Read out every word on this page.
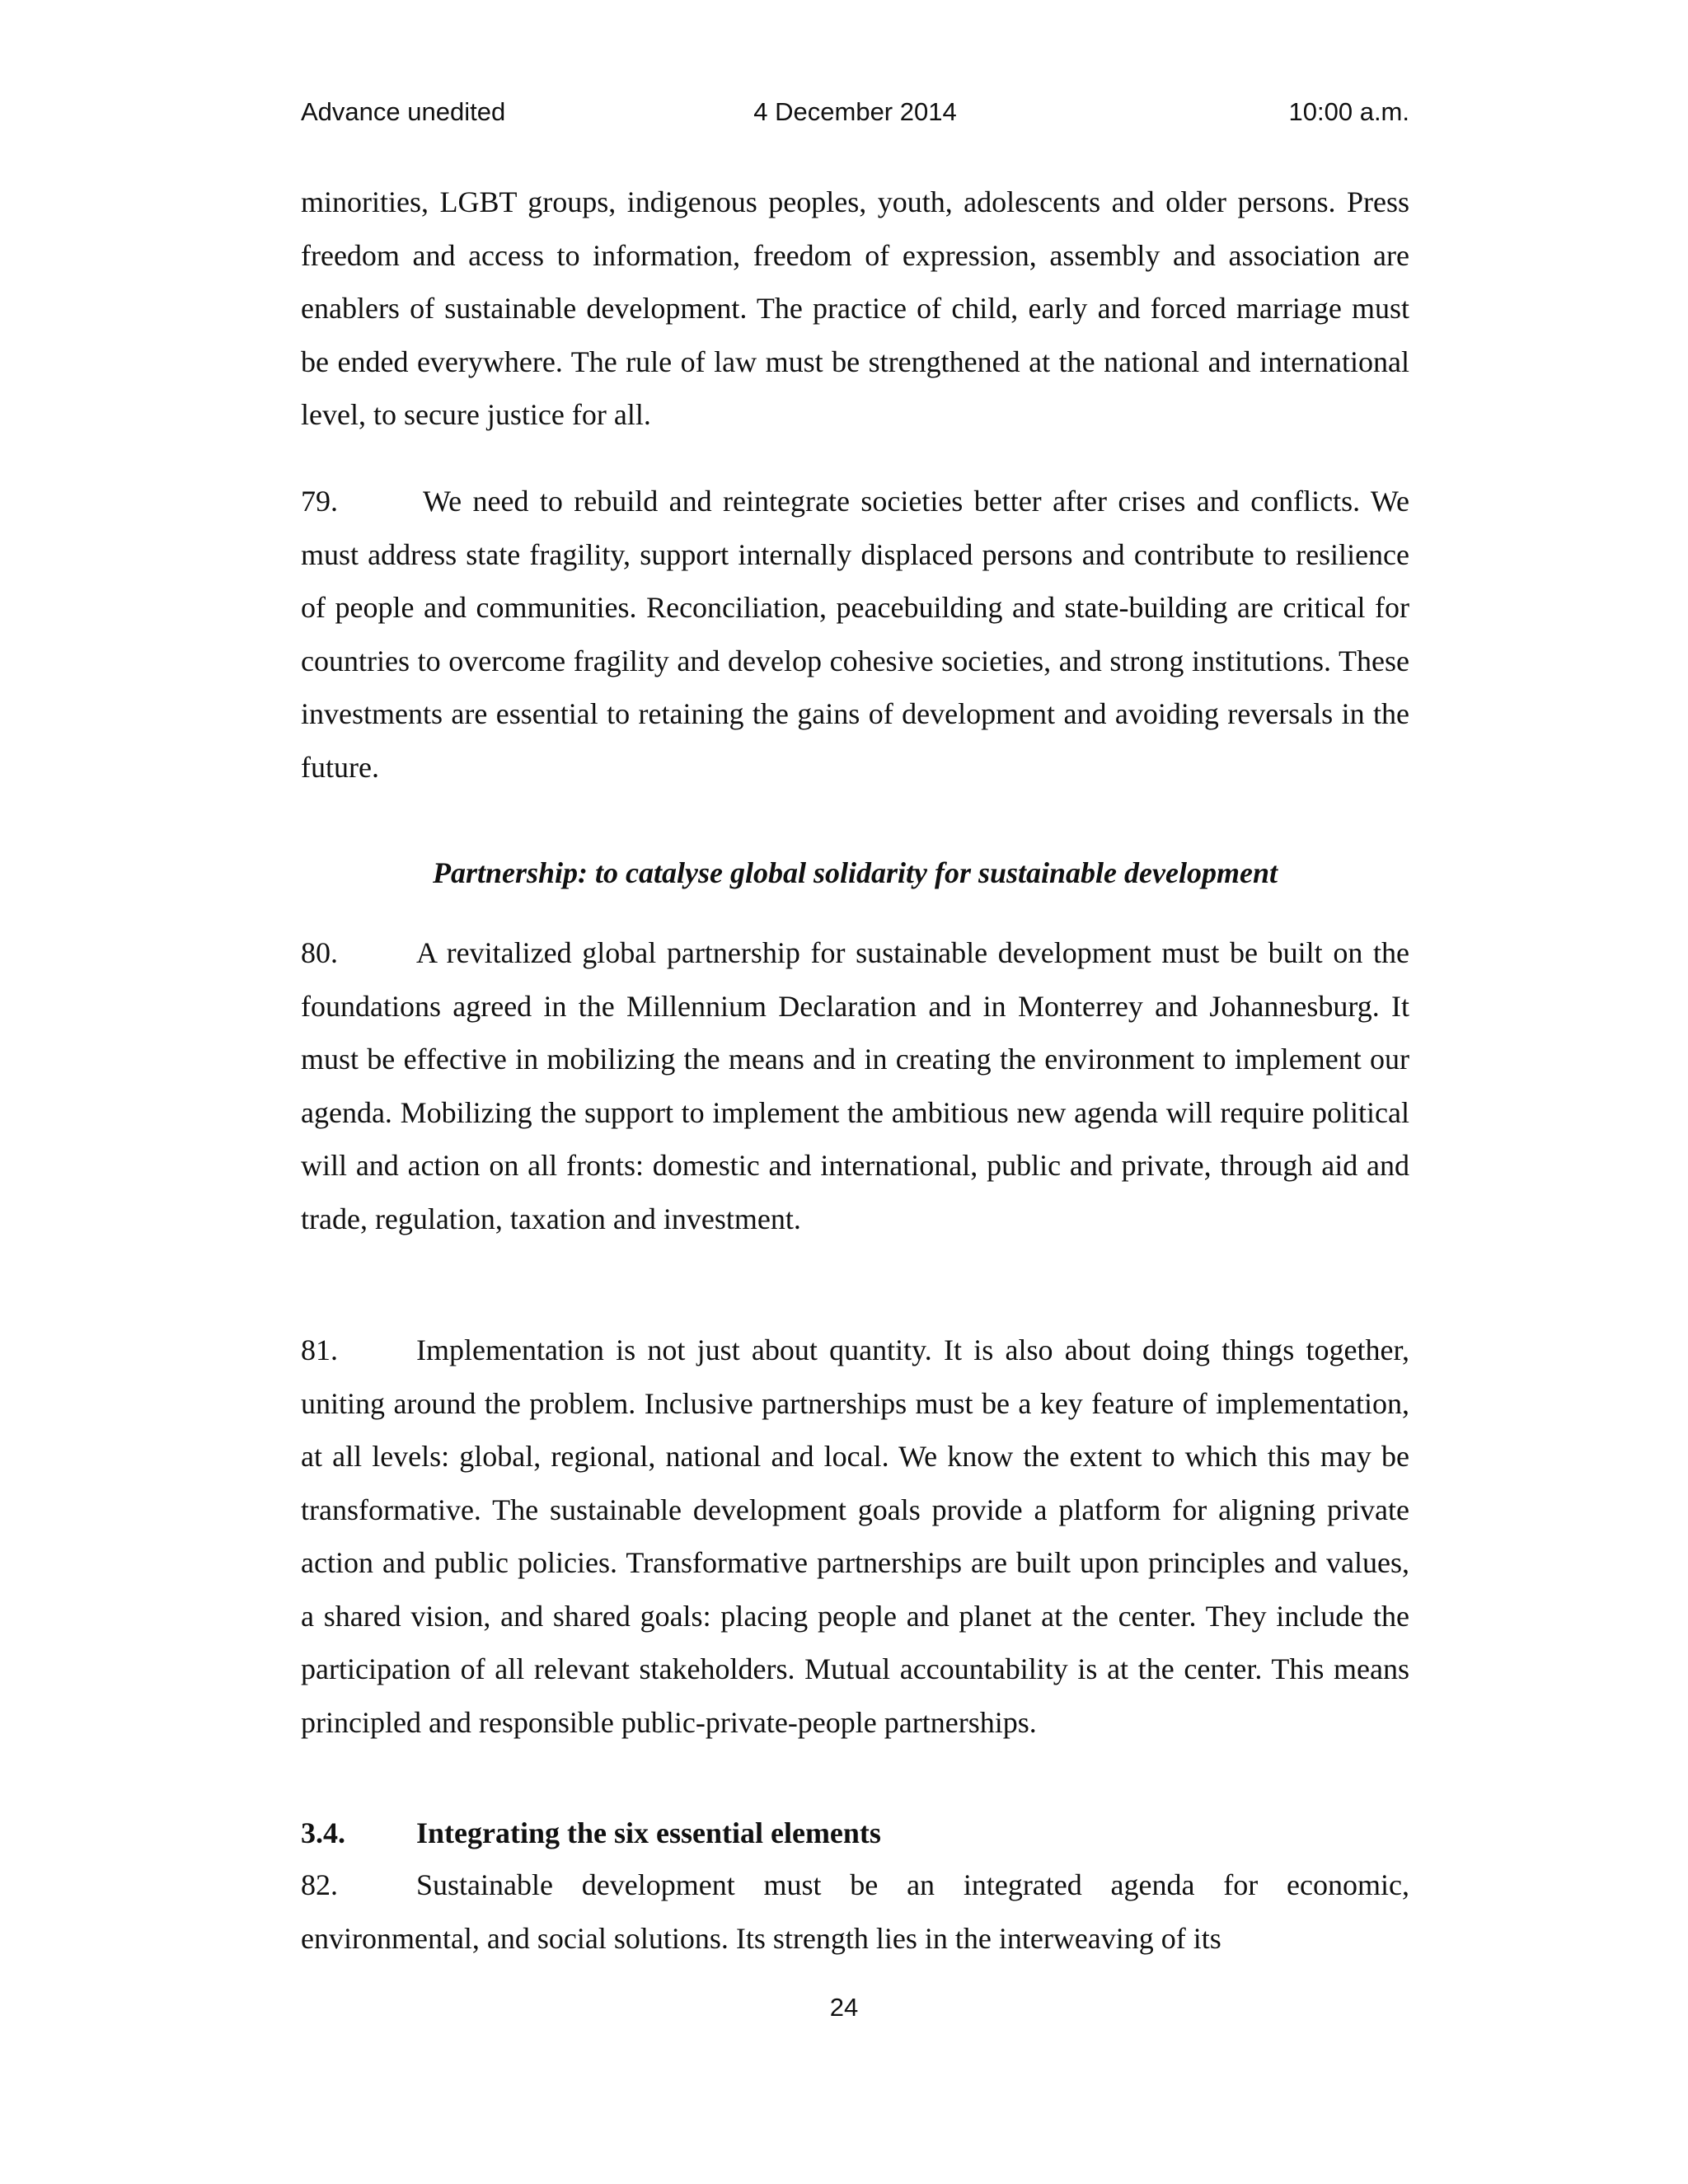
Advance unedited	4 December 2014	10:00 a.m.
minorities, LGBT groups, indigenous peoples, youth, adolescents and older persons. Press freedom and access to information, freedom of expression, assembly and association are enablers of sustainable development. The practice of child, early and forced marriage must be ended everywhere. The rule of law must be strengthened at the national and international level, to secure justice for all.
79.	We need to rebuild and reintegrate societies better after crises and conflicts. We must address state fragility, support internally displaced persons and contribute to resilience of people and communities. Reconciliation, peacebuilding and state-building are critical for countries to overcome fragility and develop cohesive societies, and strong institutions. These investments are essential to retaining the gains of development and avoiding reversals in the future.
Partnership: to catalyse global solidarity for sustainable development
80.	A revitalized global partnership for sustainable development must be built on the foundations agreed in the Millennium Declaration and in Monterrey and Johannesburg. It must be effective in mobilizing the means and in creating the environment to implement our agenda. Mobilizing the support to implement the ambitious new agenda will require political will and action on all fronts: domestic and international, public and private, through aid and trade, regulation, taxation and investment.
81.	Implementation is not just about quantity. It is also about doing things together, uniting around the problem. Inclusive partnerships must be a key feature of implementation, at all levels: global, regional, national and local. We know the extent to which this may be transformative. The sustainable development goals provide a platform for aligning private action and public policies. Transformative partnerships are built upon principles and values, a shared vision, and shared goals: placing people and planet at the center. They include the participation of all relevant stakeholders. Mutual accountability is at the center. This means principled and responsible public-private-people partnerships.
3.4. Integrating the six essential elements
82.	Sustainable development must be an integrated agenda for economic, environmental, and social solutions. Its strength lies in the interweaving of its
24
